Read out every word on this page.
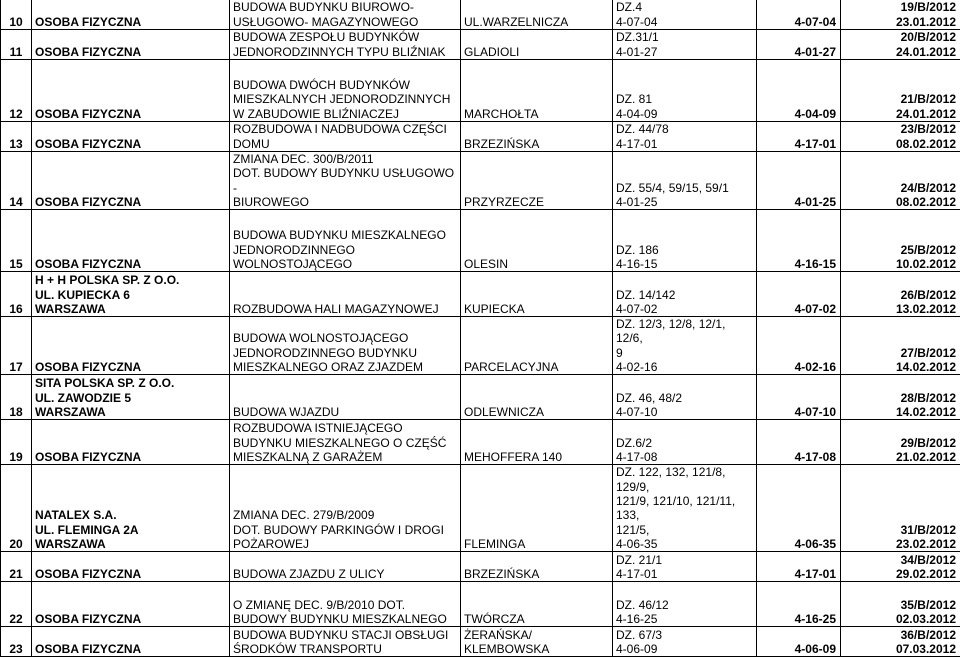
10	OSOBA FIZYCZNA	BUDOWA BUDYNKU BIUROWO-
USŁUGOWO- MAGAZYNOWEGO	UL.WARZELNICZA	DZ.4
4-07-04	4-07-04	19/B/2012
23.01.2012
11	OSOBA FIZYCZNA	BUDOWA ZESPOŁU BUDYNKÓW
JEDNORODZINNYCH TYPU BLIŹNIAK	GLADIOLI	DZ.31/1
4-01-27	4-01-27	20/B/2012
24.01.2012
12	OSOBA FIZYCZNA	BUDOWA DWÓCH BUDYNKÓW
MIESZKALNYCH JEDNORODZINNYCH
W ZABUDOWIE BLIŹNIACZEJ	MARCHOŁTA	DZ. 81
4-04-09	4-04-09	21/B/2012
24.01.2012
13	OSOBA FIZYCZNA	ROZBUDOWA I NADBUDOWA CZĘŚCI
DOMU	BRZEZIŃSKA	DZ. 44/78
4-17-01	4-17-01	23/B/2012
08.02.2012
14	OSOBA FIZYCZNA	ZMIANA DEC. 300/B/2011
DOT. BUDOWY BUDYNKU USŁUGOWO -
BIUROWEGO	PRZYRZECZE	DZ. 55/4, 59/15, 59/1
4-01-25	4-01-25	24/B/2012
08.02.2012
15	OSOBA FIZYCZNA	BUDOWA BUDYNKU MIESZKALNEGO
JEDNORODZINNEGO
WOLNOSTOJĄCEGO	OLESIN	DZ. 186
4-16-15	4-16-15	25/B/2012
10.02.2012
16	H + H POLSKA SP. Z O.O.
UL. KUPIECKA 6
WARSZAWA	ROZBUDOWA HALI MAGAZYNOWEJ	KUPIECKA	DZ. 14/142
4-07-02	4-07-02	26/B/2012
13.02.2012
17	OSOBA FIZYCZNA	BUDOWA WOLNOSTOJĄCEGO
JEDNORODZINNEGO BUDYNKU
MIESZKALNEGO ORAZ ZJAZDEM	PARCELACYJNA	DZ. 12/3, 12/8, 12/1, 12/6,
9
4-02-16	4-02-16	27/B/2012
14.02.2012
18	SITA POLSKA SP. Z O.O.
UL. ZAWODZIE 5
WARSZAWA	BUDOWA WJAZDU	ODLEWNICZA	DZ. 46, 48/2
4-07-10	4-07-10	28/B/2012
14.02.2012
19	OSOBA FIZYCZNA	ROZBUDOWA ISTNIEJĄCEGO
BUDYNKU MIESZKALNEGO O CZĘŚĆ
MIESZKALNĄ Z GARAŻEM	MEHOFFERA 140	DZ.6/2
4-17-08	4-17-08	29/B/2012
21.02.2012
20	NATALEX S.A.
UL. FLEMINGA 2A
WARSZAWA	ZMIANA DEC. 279/B/2009
DOT. BUDOWY PARKINGÓW I DROGI
POŻAROWEJ	FLEMINGA	DZ. 122, 132, 121/8, 129/9,
121/9, 121/10, 121/11, 133,
121/5,
4-06-35	4-06-35	31/B/2012
23.02.2012
21	OSOBA FIZYCZNA	BUDOWA ZJAZDU Z ULICY	BRZEZIŃSKA	DZ. 21/1
4-17-01	4-17-01	34/B/2012
29.02.2012
22	OSOBA FIZYCZNA	O ZMIANĘ DEC. 9/B/2010 DOT.
BUDOWY BUDYNKU MIESZKALNEGO	TWÓRCZA	DZ. 46/12
4-16-25	4-16-25	35/B/2012
02.03.2012
23	OSOBA FIZYCZNA	BUDOWA BUDYNKU STACJI OBSŁUGI
ŚRODKÓW TRANSPORTU	ŻERAŃSKA/
KLEMBOWSKA	DZ. 67/3
4-06-09	4-06-09	36/B/2012
07.03.2012
